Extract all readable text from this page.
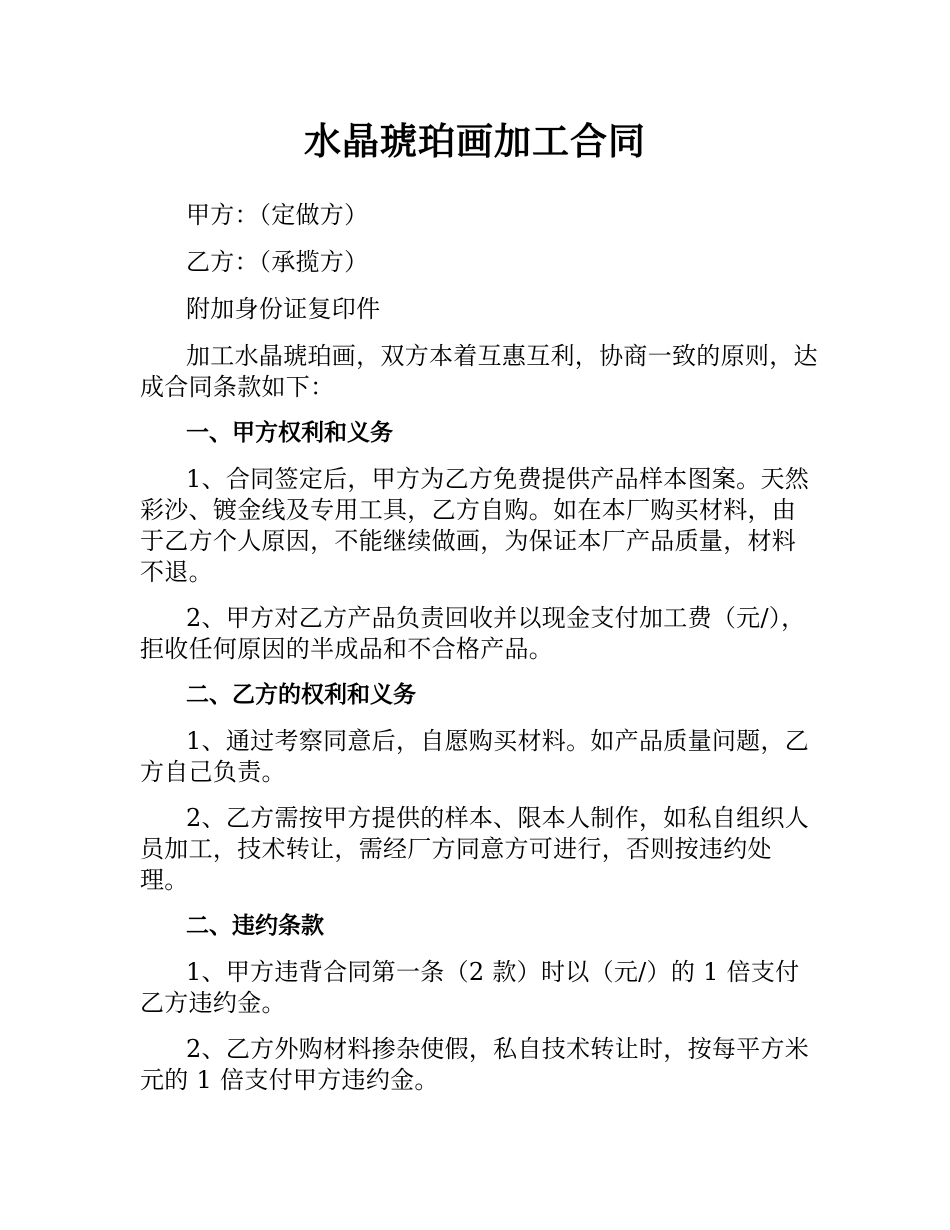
水晶琥珀画加工合同

甲方：（定做方）

乙方：（承揽方）

附加身份证复印件

加工水晶琥珀画，双方本着互惠互利，协商一致的原则，达成合同条款如下：

一、甲方权利和义务

1、合同签定后，甲方为乙方免费提供产品样本图案。天然彩沙、镀金线及专用工具，乙方自购。如在本厂购买材料，由于乙方个人原因，不能继续做画，为保证本厂产品质量，材料不退。

2、甲方对乙方产品负责回收并以现金支付加工费（元/），拒收任何原因的半成品和不合格产品。

二、乙方的权利和义务

1、通过考察同意后，自愿购买材料。如产品质量问题，乙方自己负责。

2、乙方需按甲方提供的样本、限本人制作，如私自组织人员加工，技术转让，需经厂方同意方可进行，否则按违约处理。

二、违约条款

1、甲方违背合同第一条（2 款）时以（元/）的 1 倍支付乙方违约金。

2、乙方外购材料掺杂使假，私自技术转让时，按每平方米元的 1 倍支付甲方违约金。
